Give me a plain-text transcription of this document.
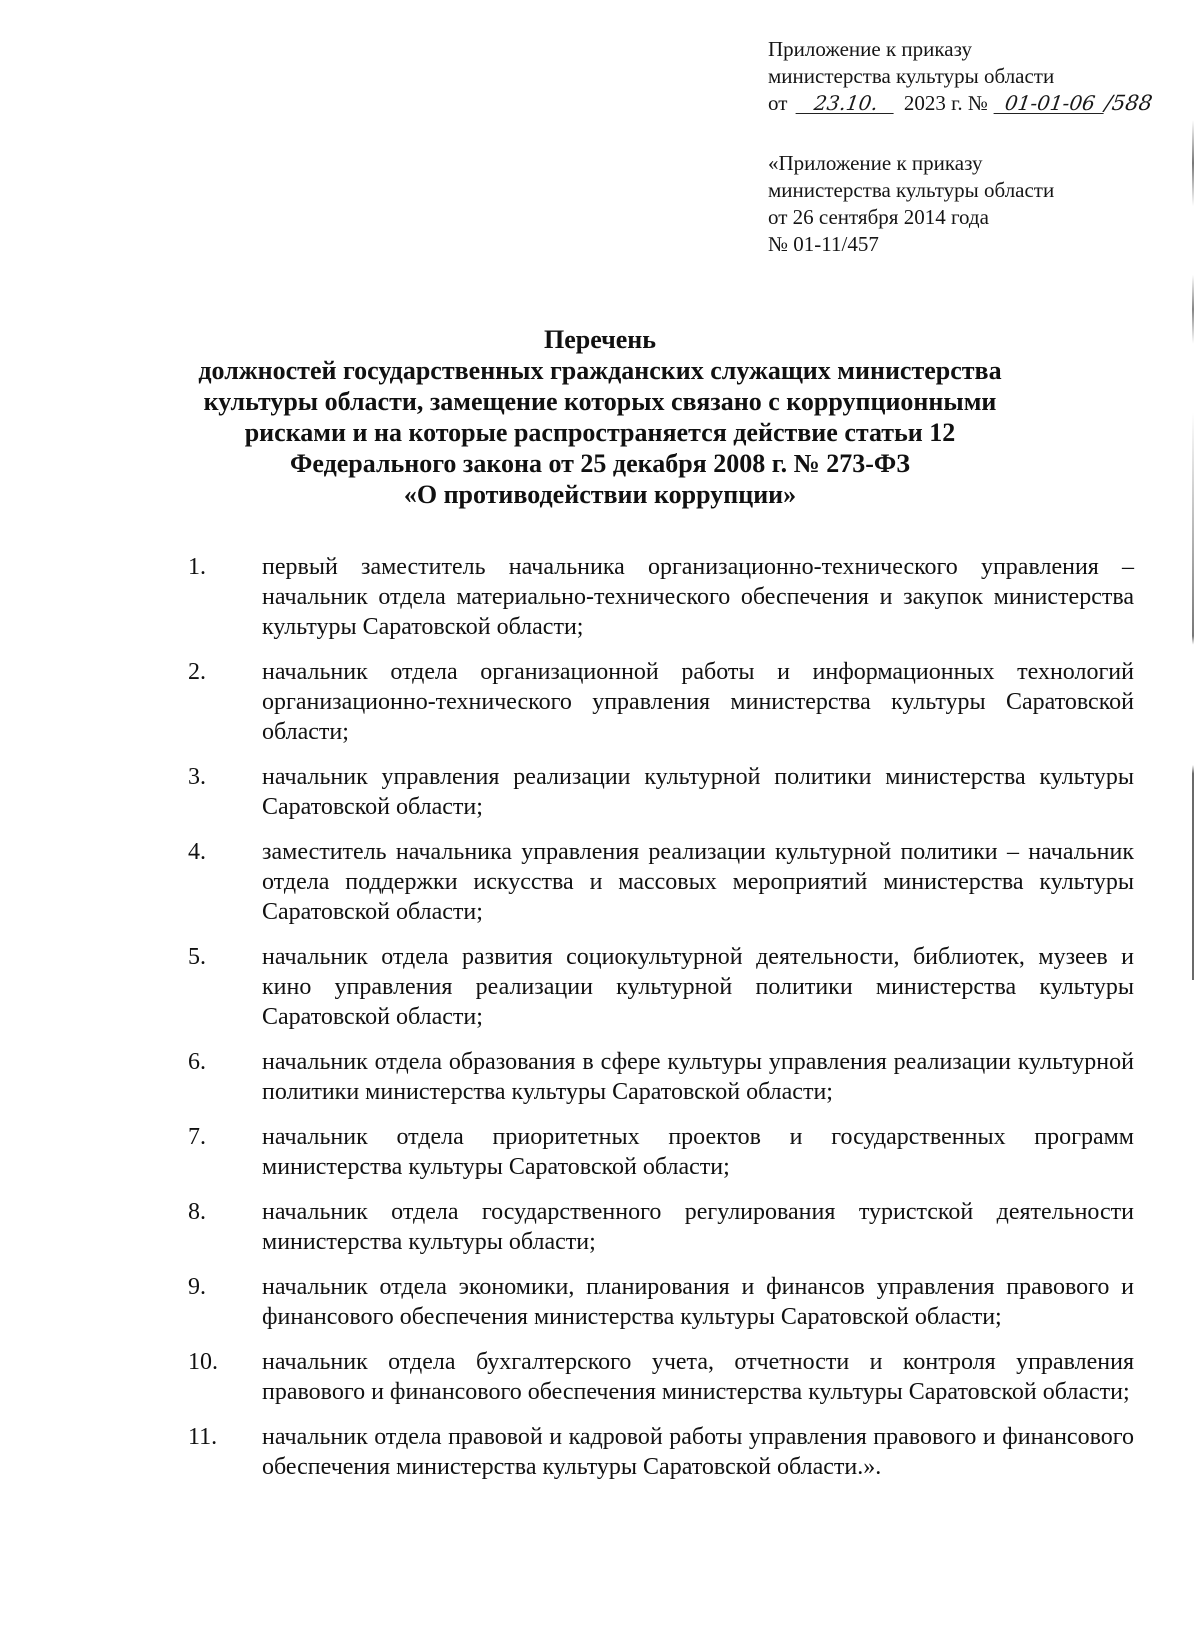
Приложение к приказу
министерства культуры области
от 23.10. 2023 г. № 01-01-06 /588
«Приложение к приказу
министерства культуры области
от 26 сентября 2014 года
№ 01-11/457
Перечень
должностей государственных гражданских служащих министерства
культуры области, замещение которых связано с коррупционными
рисками и на которые распространяется действие статьи 12
Федерального закона от 25 декабря 2008 г. № 273-ФЗ
«О противодействии коррупции»
1. первый заместитель начальника организационно-технического управления – начальник отдела материально-технического обеспечения и закупок министерства культуры Саратовской области;
2. начальник отдела организационной работы и информационных технологий организационно-технического управления министерства культуры Саратовской области;
3. начальник управления реализации культурной политики министерства культуры Саратовской области;
4. заместитель начальника управления реализации культурной политики – начальник отдела поддержки искусства и массовых мероприятий министерства культуры Саратовской области;
5. начальник отдела развития социокультурной деятельности, библиотек, музеев и кино управления реализации культурной политики министерства культуры Саратовской области;
6. начальник отдела образования в сфере культуры управления реализации культурной политики министерства культуры Саратовской области;
7. начальник отдела приоритетных проектов и государственных программ министерства культуры Саратовской области;
8. начальник отдела государственного регулирования туристской деятельности министерства культуры области;
9. начальник отдела экономики, планирования и финансов управления правового и финансового обеспечения министерства культуры Саратовской области;
10. начальник отдела бухгалтерского учета, отчетности и контроля управления правового и финансового обеспечения министерства культуры Саратовской области;
11. начальник отдела правовой и кадровой работы управления правового и финансового обеспечения министерства культуры Саратовской области.».
